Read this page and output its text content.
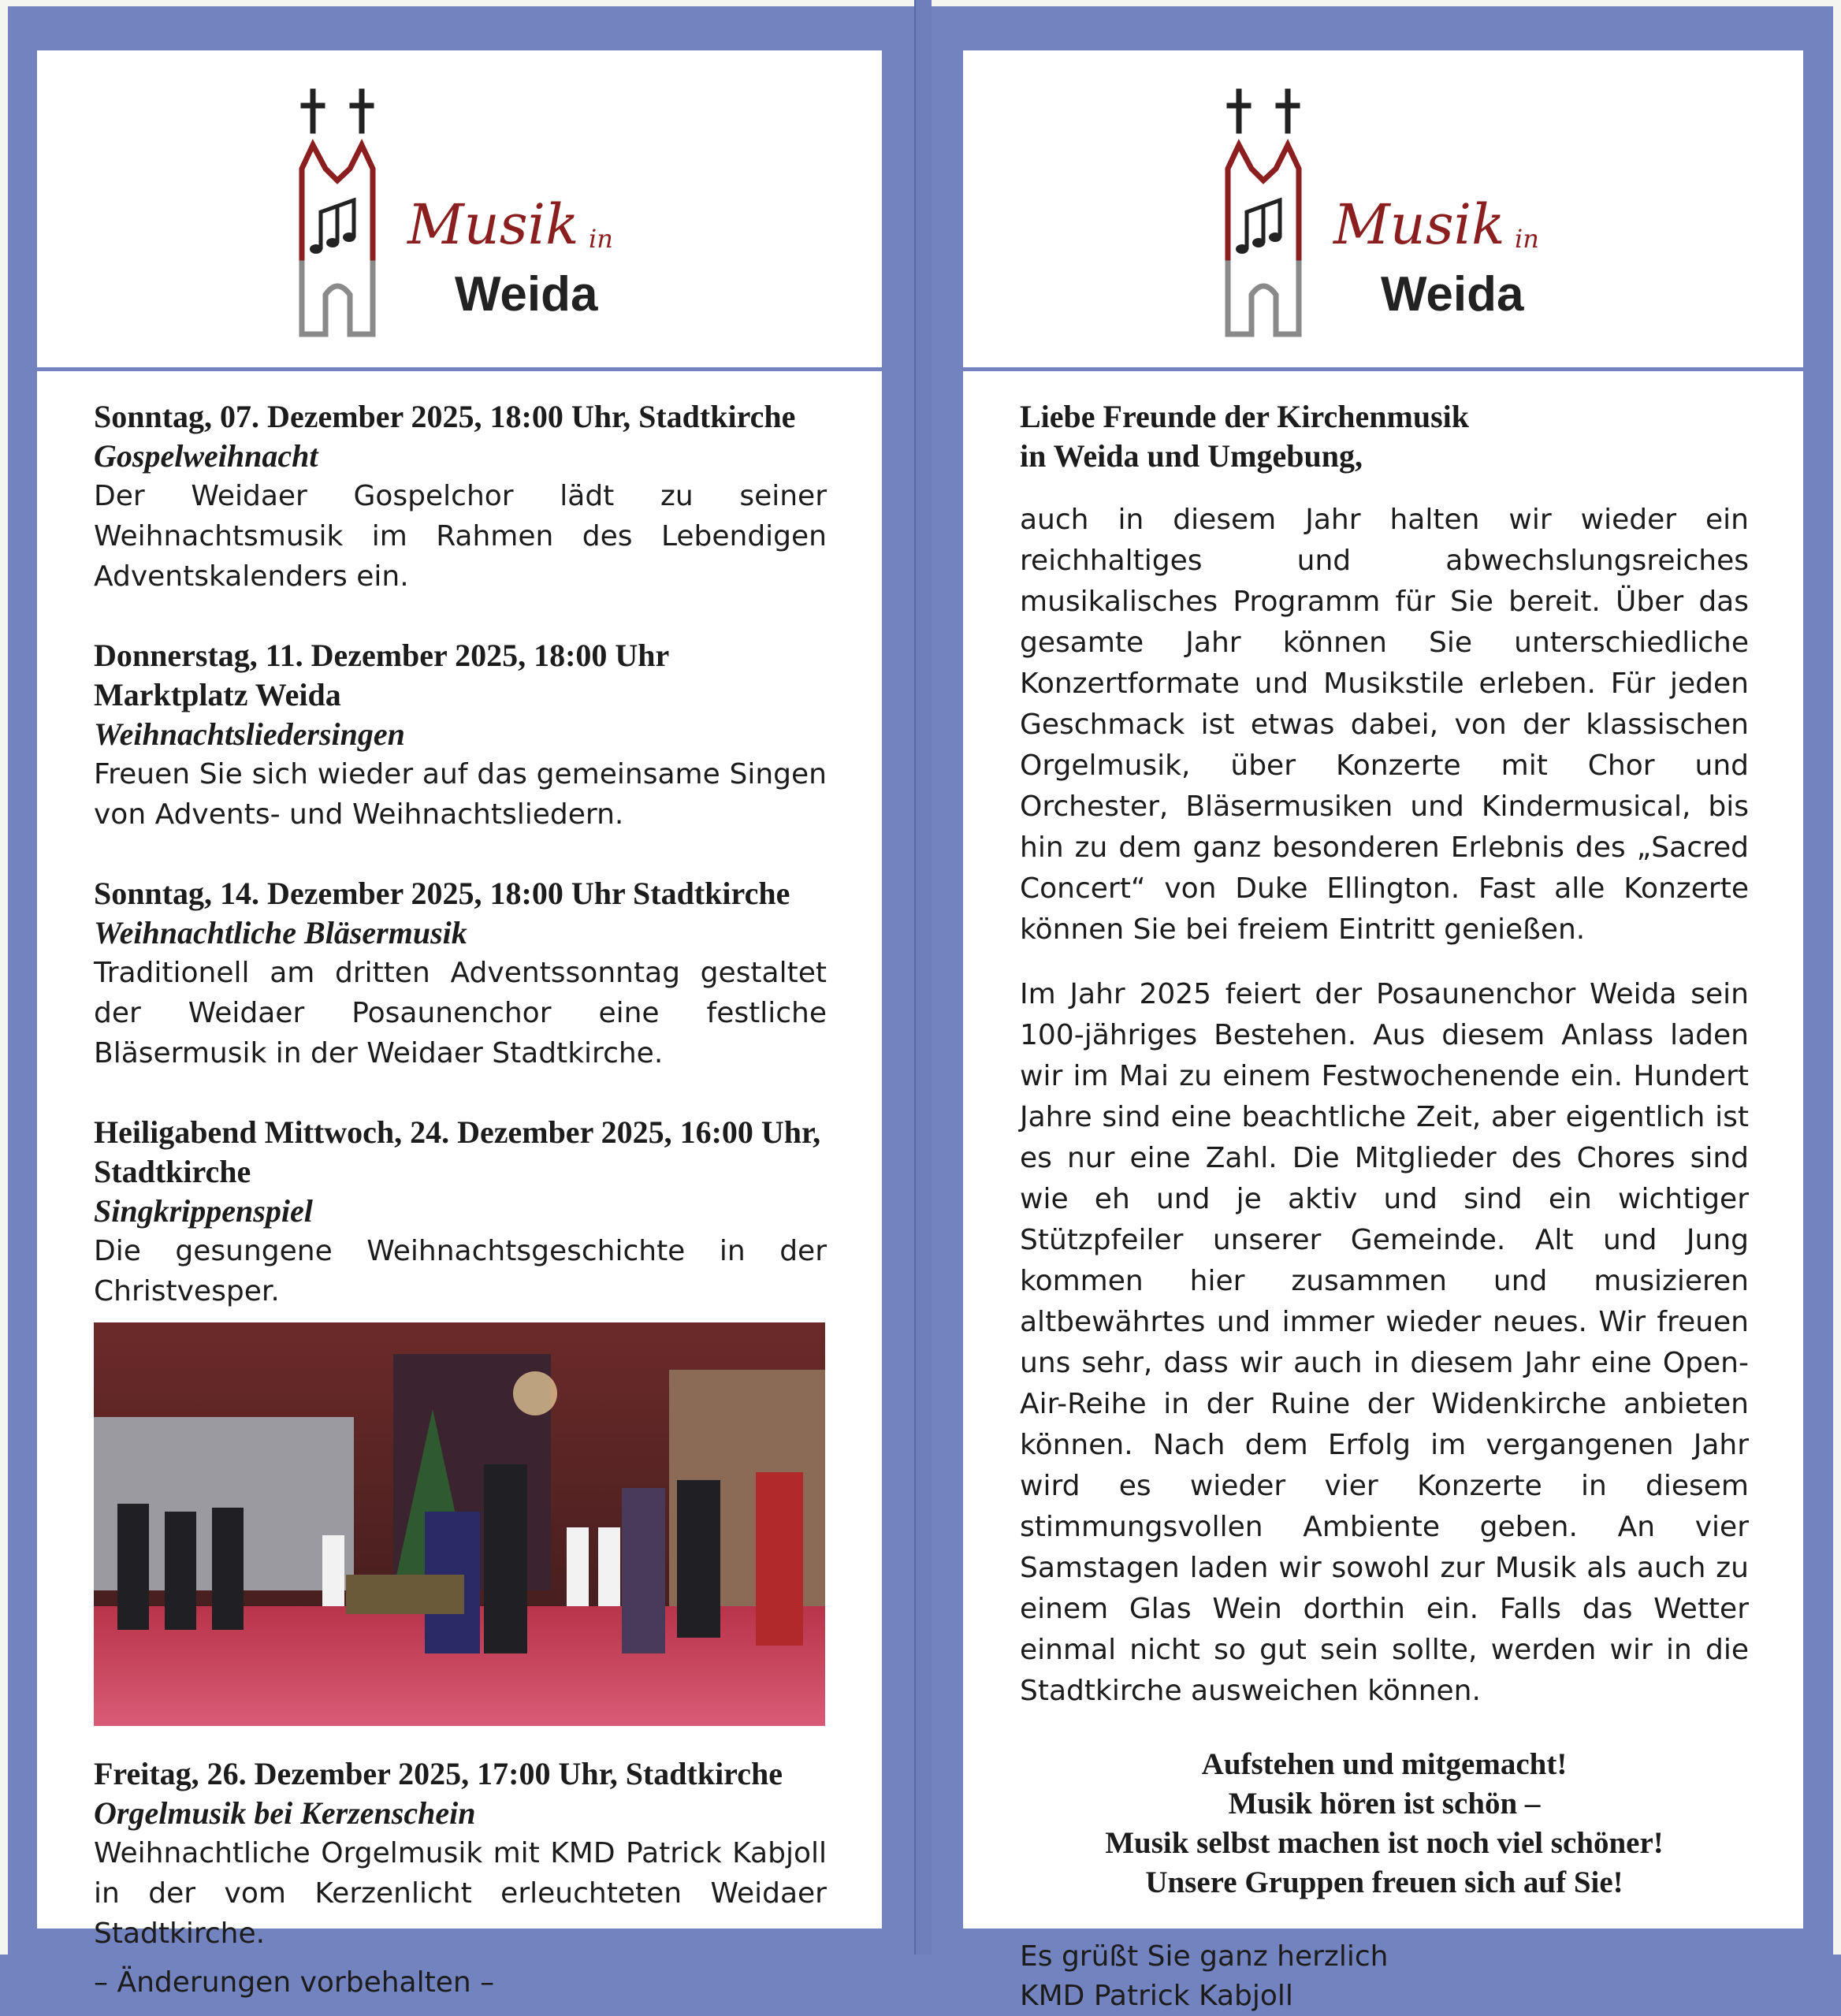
Musik in
Weida
Sonntag, 07. Dezember 2025, 18:00 Uhr, Stadtkirche
Gospelweihnacht
Der Weidaer Gospelchor lädt zu seiner Weihnachtsmusik im Rahmen des Lebendigen Adventskalenders ein.
Donnerstag, 11. Dezember 2025, 18:00 Uhr Marktplatz Weida
Weihnachtsliedersingen
Freuen Sie sich wieder auf das gemeinsame Singen von Advents- und Weihnachtsliedern.
Sonntag, 14. Dezember 2025, 18:00 Uhr Stadtkirche
Weihnachtliche Bläsermusik
Traditionell am dritten Adventssonntag gestaltet der Weidaer Posaunenchor eine festliche Bläsermusik in der Weidaer Stadtkirche.
Heiligabend Mittwoch, 24. Dezember 2025, 16:00 Uhr, Stadtkirche
Singkrippenspiel
Die gesungene Weihnachtsgeschichte in der Christvesper.
Freitag, 26. Dezember 2025, 17:00 Uhr, Stadtkirche
Orgelmusik bei Kerzenschein
Weihnachtliche Orgelmusik mit KMD Patrick Kabjoll in der vom Kerzenlicht erleuchteten Weidaer Stadtkirche.
– Änderungen vorbehalten –
Musik in
Weida
Liebe Freunde der Kirchenmusik
in Weida und Umgebung,
auch in diesem Jahr halten wir wieder ein reichhaltiges und abwechslungsreiches musikalisches Programm für Sie bereit. Über das gesamte Jahr können Sie unterschiedliche Konzertformate und Musikstile erleben. Für jeden Geschmack ist etwas dabei, von der klassischen Orgelmusik, über Konzerte mit Chor und Orchester, Bläsermusiken und Kindermusical, bis hin zu dem ganz besonderen Erlebnis des „Sacred Concert“ von Duke Ellington. Fast alle Konzerte können Sie bei freiem Eintritt genießen.
Im Jahr 2025 feiert der Posaunenchor Weida sein 100-jähriges Bestehen. Aus diesem Anlass laden wir im Mai zu einem Festwochenende ein. Hundert Jahre sind eine beachtliche Zeit, aber eigentlich ist es nur eine Zahl. Die Mitglieder des Chores sind wie eh und je aktiv und sind ein wichtiger Stützpfeiler unserer Gemeinde. Alt und Jung kommen hier zusammen und musizieren altbewährtes und immer wieder neues. Wir freuen uns sehr, dass wir auch in diesem Jahr eine Open-Air-Reihe in der Ruine der Widenkirche anbieten können. Nach dem Erfolg im vergangenen Jahr wird es wieder vier Konzerte in diesem stimmungsvollen Ambiente geben. An vier Samstagen laden wir sowohl zur Musik als auch zu einem Glas Wein dorthin ein. Falls das Wetter einmal nicht so gut sein sollte, werden wir in die Stadtkirche ausweichen können.
Aufstehen und mitgemacht!
Musik hören ist schön –
Musik selbst machen ist noch viel schöner!
Unsere Gruppen freuen sich auf Sie!
Es grüßt Sie ganz herzlich
KMD Patrick Kabjoll
